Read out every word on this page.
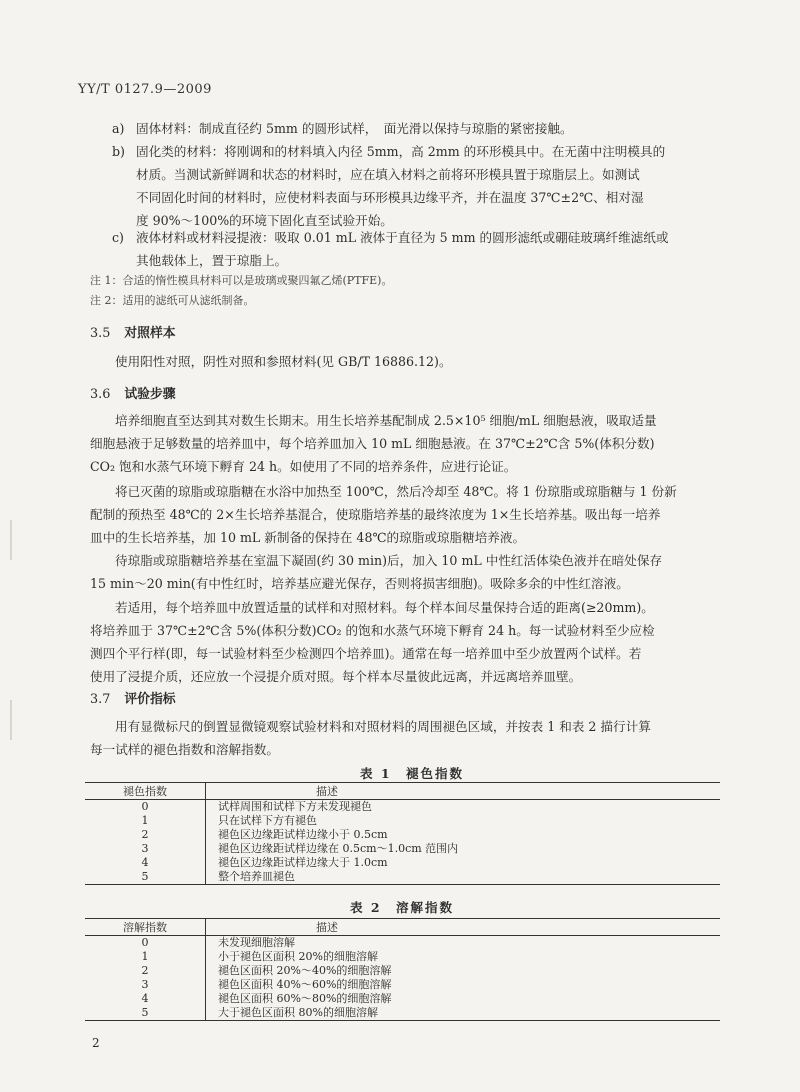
YY/T 0127.9—2009
a) 固体材料：制成直径约 5mm 的圆形试样，　面光滑以保持与琼脂的紧密接触。
b) 固化类的材料：将刚调和的材料填入内径 5mm，高 2mm 的环形模具中。在无菌中注明模具的
材质。当测试新鲜调和状态的材料时，应在填入材料之前将环形模具置于琼脂层上。如测试
不同固化时间的材料时，应使材料表面与环形模具边缘平齐，并在温度 37℃±2℃、相对湿
度 90%～100%的环境下固化直至试验开始。
c) 液体材料或材料浸提液：吸取 0.01 mL 液体于直径为 5 mm 的圆形滤纸或硼硅玻璃纤维滤纸或
其他载体上，置于琼脂上。
注 1：合适的惰性模具材料可以是玻璃或聚四氟乙烯(PTFE)。
注 2：适用的滤纸可从滤纸制备。
3.5 对照样本
使用阳性对照，阴性对照和参照材料(见 GB/T 16886.12)。
3.6 试验步骤
培养细胞直至达到其对数生长期末。用生长培养基配制成 2.5×10⁵ 细胞/mL 细胞悬液，吸取适量
细胞悬液于足够数量的培养皿中，每个培养皿加入 10 mL 细胞悬液。在 37℃±2℃含 5%(体积分数)
CO₂ 饱和水蒸气环境下孵育 24 h。如使用了不同的培养条件，应进行论证。
将已灭菌的琼脂或琼脂糖在水浴中加热至 100℃，然后冷却至 48℃。将 1 份琼脂或琼脂糖与 1 份新
配制的预热至 48℃的 2×生长培养基混合，使琼脂培养基的最终浓度为 1×生长培养基。吸出每一培养
皿中的生长培养基，加 10 mL 新制备的保持在 48℃的琼脂或琼脂糖培养液。
待琼脂或琼脂糖培养基在室温下凝固(约 30 min)后，加入 10 mL 中性红活体染色液并在暗处保存
15 min～20 min(有中性红时，培养基应避光保存，否则将损害细胞)。吸除多余的中性红溶液。
若适用，每个培养皿中放置适量的试样和对照材料。每个样本间尽量保持合适的距离(≥20mm)。
将培养皿于 37℃±2℃含 5%(体积分数)CO₂ 的饱和水蒸气环境下孵育 24 h。每一试验材料至少应检
测四个平行样(即，每一试验材料至少检测四个培养皿)。通常在每一培养皿中至少放置两个试样。若
使用了浸提介质，还应放一个浸提介质对照。每个样本尽量彼此远离，并远离培养皿壁。
3.7 评价指标
用有显微标尺的倒置显微镜观察试验材料和对照材料的周围褪色区域，并按表 1 和表 2 描行计算
每一试样的褪色指数和溶解指数。
表 1　褪色指数
褪色指数	描述
0	试样周围和试样下方未发现褪色
1	只在试样下方有褪色
2	褪色区边缘距试样边缘小于 0.5cm
3	褪色区边缘距试样边缘在 0.5cm～1.0cm 范围内
4	褪色区边缘距试样边缘大于 1.0cm
5	整个培养皿褪色
表 2　溶解指数
溶解指数	描述
0	未发现细胞溶解
1	小于褪色区面积 20%的细胞溶解
2	褪色区面积 20%～40%的细胞溶解
3	褪色区面积 40%～60%的细胞溶解
4	褪色区面积 60%～80%的细胞溶解
5	大于褪色区面积 80%的细胞溶解
2
